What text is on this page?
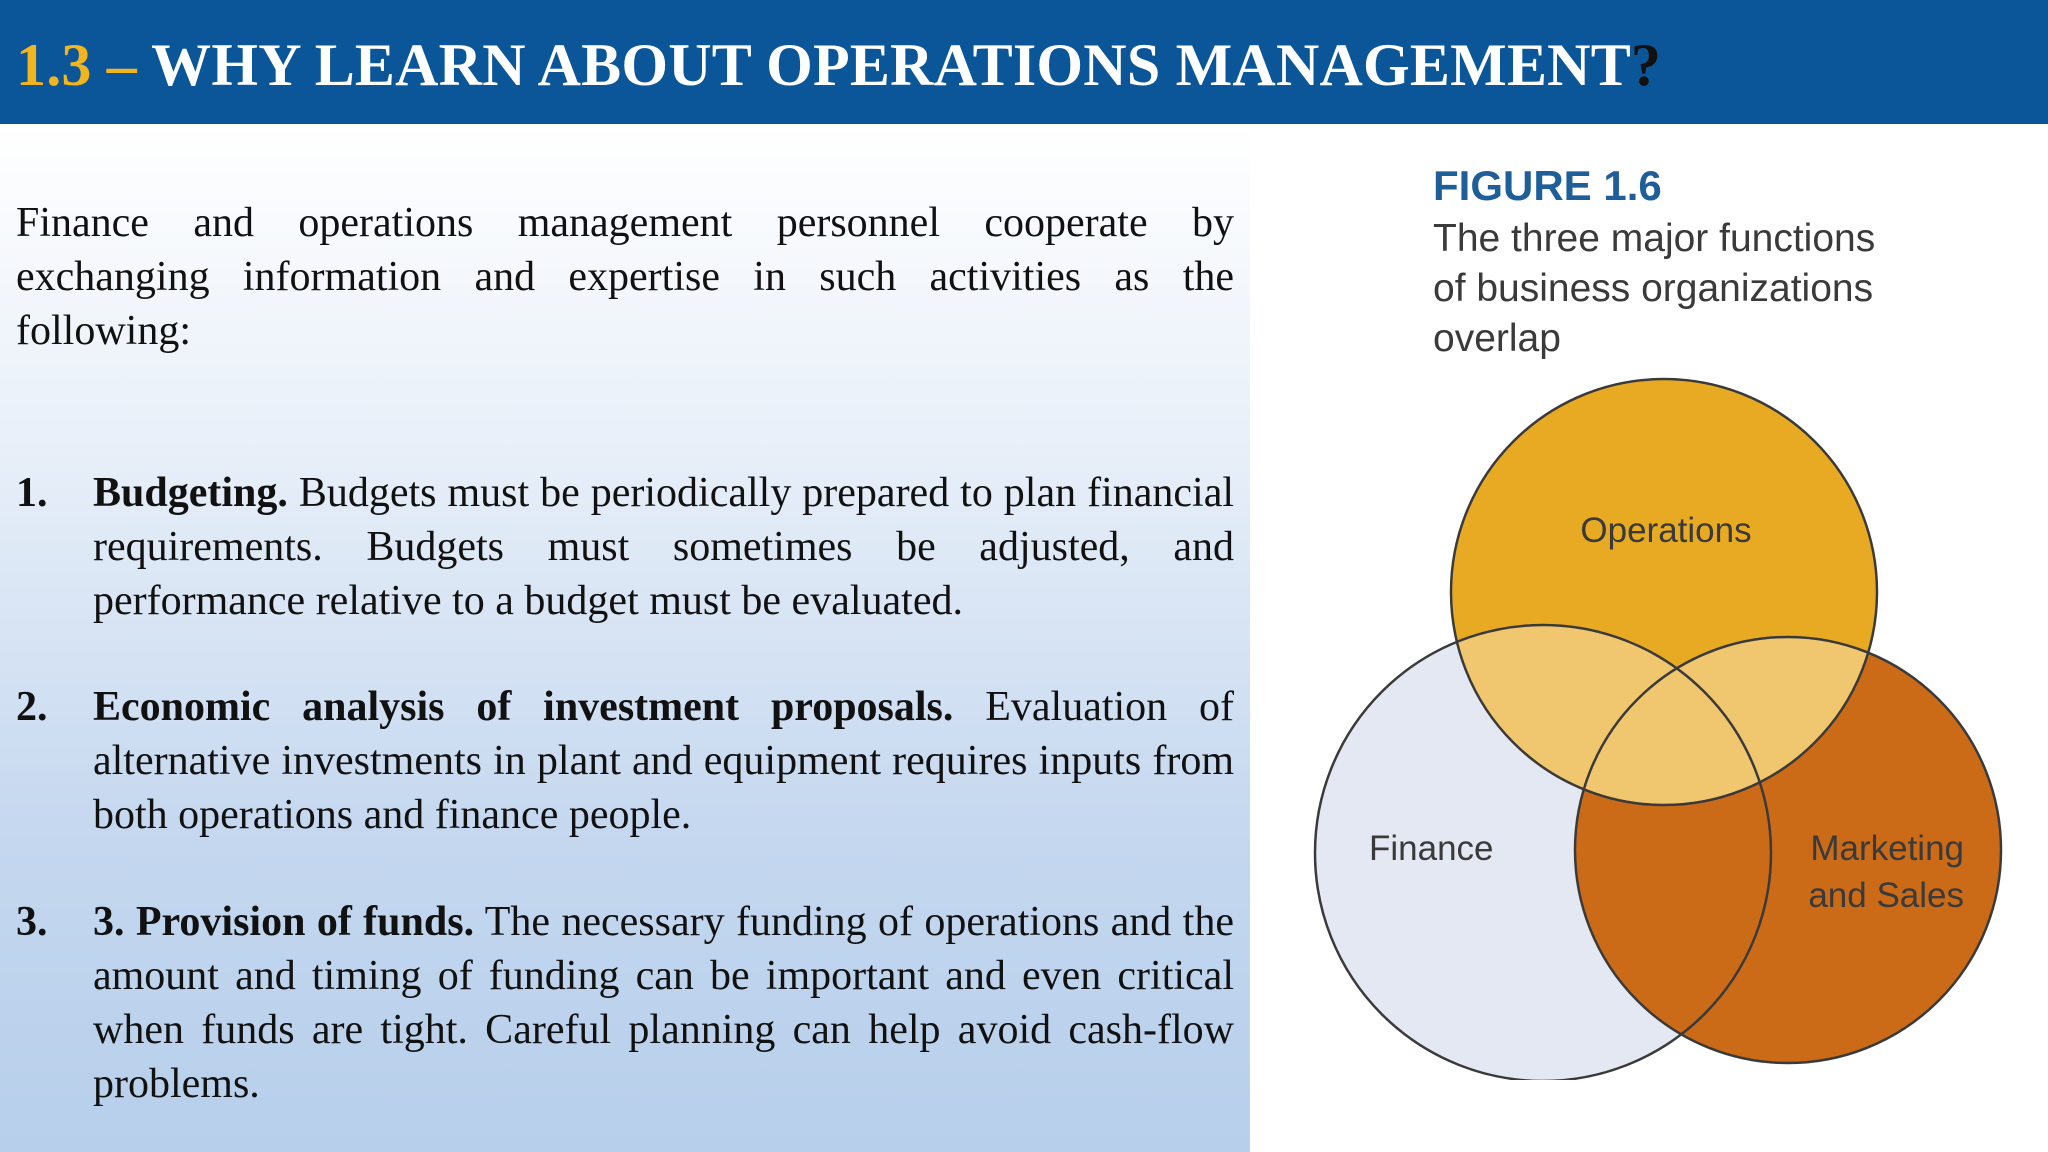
1.3 – WHY LEARN ABOUT OPERATIONS MANAGEMENT?

Finance and operations management personnel cooperate by exchanging information and expertise in such activities as the following:

1. Budgeting. Budgets must be periodically prepared to plan financial requirements. Budgets must sometimes be adjusted, and performance relative to a budget must be evaluated.
2. Economic analysis of investment proposals. Evaluation of alternative investments in plant and equipment requires inputs from both operations and finance people.
3. 3. Provision of funds. The necessary funding of operations and the amount and timing of funding can be important and even critical when funds are tight. Careful planning can help avoid cash-flow problems.

FIGURE 1.6

The three major functions
of business organizations
overlap

Operations
Finance	Marketing
and Sales
